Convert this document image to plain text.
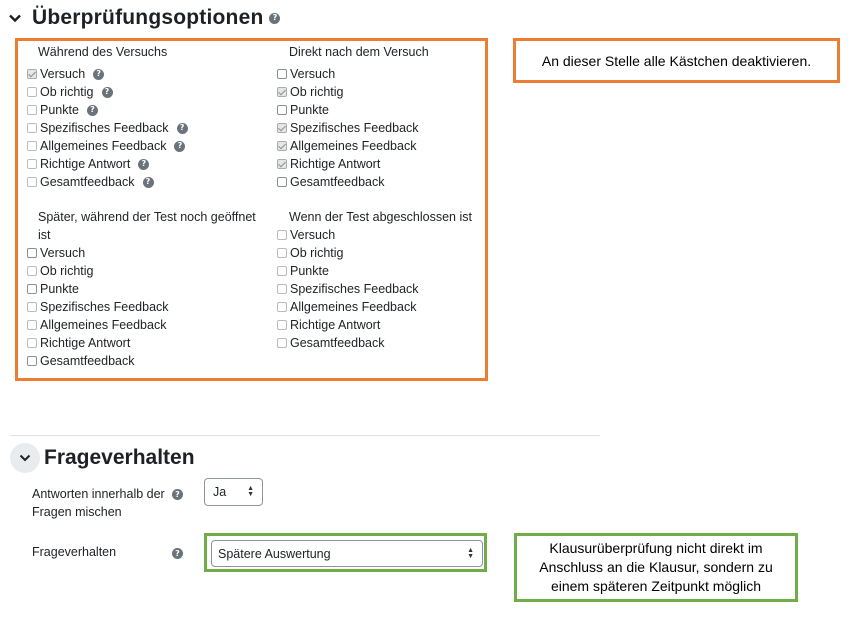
Überprüfungsoptionen	?
Während des Versuchs
Versuch	?
Ob richtig	?
Punkte	?
Spezifisches Feedback	?
Allgemeines Feedback	?
Richtige Antwort	?
Gesamtfeedback	?
Direkt nach dem Versuch
Versuch
Ob richtig
Punkte
Spezifisches Feedback
Allgemeines Feedback
Richtige Antwort
Gesamtfeedback
Später, während der Test noch geöffnet ist
Versuch
Ob richtig
Punkte
Spezifisches Feedback
Allgemeines Feedback
Richtige Antwort
Gesamtfeedback
Wenn der Test abgeschlossen ist
Versuch
Ob richtig
Punkte
Spezifisches Feedback
Allgemeines Feedback
Richtige Antwort
Gesamtfeedback
An dieser Stelle alle Kästchen deaktivieren.
Frageverhalten
Antworten innerhalb der Fragen mischen
?	Ja	▲
▼
Frageverhalten	?	Spätere Auswertung	▲
▼
Klausurüberprüfung nicht direkt im Anschluss an die Klausur, sondern zu einem späteren Zeitpunkt möglich
